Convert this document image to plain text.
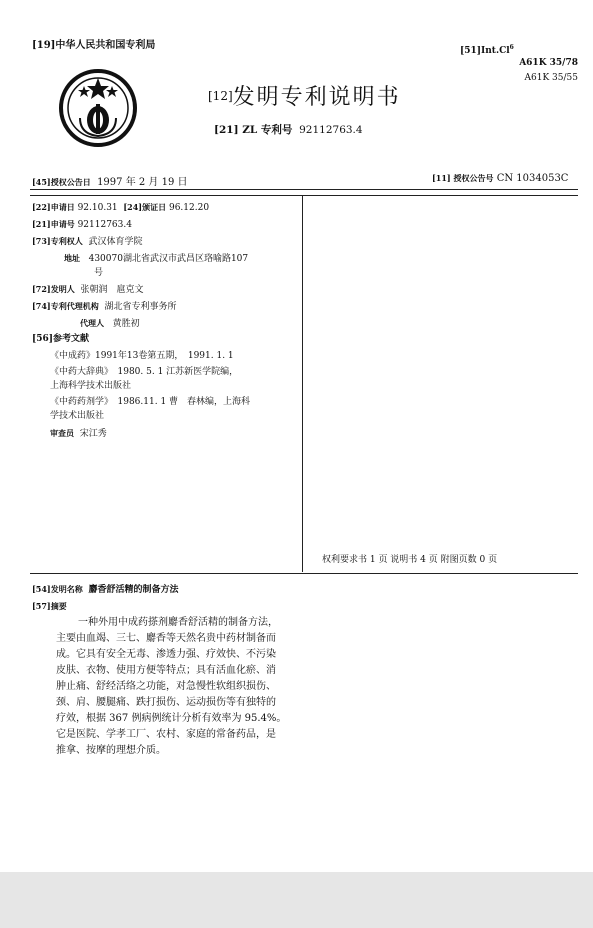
[19]中华人民共和国专利局	[51]Int.Cl$^6$
A61K 35/78
A61K 35/55
[12]发明专利说明书
[21] ZL 专利号 92112763.4
[45]授权公告日 1997 年 2 月 19 日	[11] 授权公告号 CN 1034053C
[22]申请日 92.10.31 [24]颁证日 96.12.20
[21]申请号 92112763.4
[73]专利权人 武汉体育学院
地址 430070湖北省武汉市武昌区珞喻路107
号
[72]发明人 张朝润　扈克文
[74]专利代理机构 湖北省专利事务所
代理人 黄胜初
[56]参考文献
《中成药》1991年13卷第五期，　1991. 1. 1
《中药大辞典》　1980. 5. 1 江苏新医学院编，
上海科学技术出版社
《中药药剂学》　1986.11. 1 曹　春林编，上海科
学技术出版社
审查员 宋江秀
权利要求书 1 页 说明书 4 页 附图页数 0 页
[54]发明名称 麝香舒活精的制备方法
[57]摘要
一种外用中成药搽剂麝香舒活精的制备方法，
主要由血竭、三七、麝香等天然名贵中药材制备而
成。它具有安全无毒、渗透力强、疗效快、不污染
皮肤、衣物、使用方便等特点；具有活血化瘀、消
肿止痛、舒经活络之功能，对急慢性软组织损伤、
颈、肩、腰腿痛、跌打损伤、运动损伤等有独特的
疗效，根据 367 例病例统计分析有效率为 95.4%。
它是医院、学孝工厂、农村、家庭的常备药品，是
推拿、按摩的理想介质。
